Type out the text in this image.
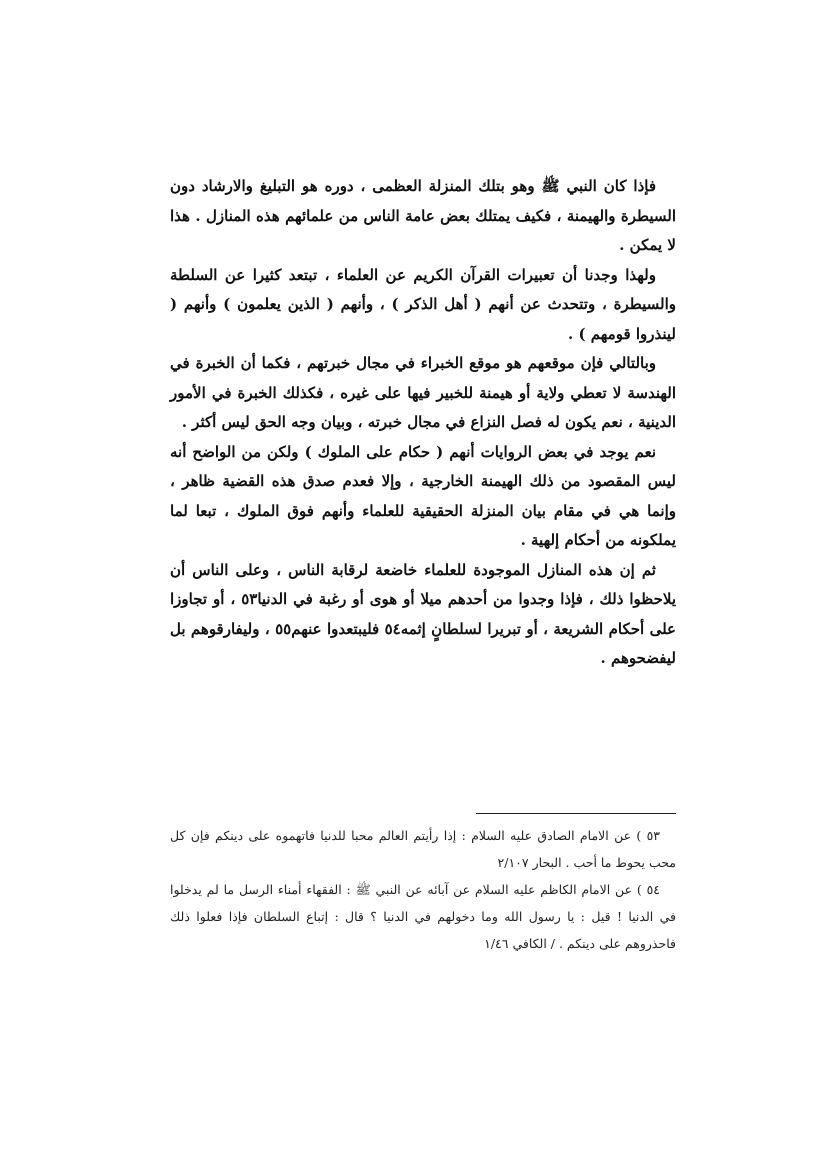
فإذا كان النبي ﷺ وهو بتلك المنزلة العظمى ، دوره هو التبليغ والارشاد دون السيطرة والهيمنة ، فكيف يمتلك بعض عامة الناس من علمائهم هذه المنازل . هذا لا يمكن .

ولهذا وجدنا أن تعبيرات القرآن الكريم عن العلماء ، تبتعد كثيرا عن السلطة والسيطرة ، وتتحدث عن أنهم ( أهل الذكر ) ، وأنهم ( الذين يعلمون ) وأنهم ( لينذروا قومهم ) .

وبالتالي فإن موقعهم هو موقع الخبراء في مجال خبرتهم ، فكما أن الخبرة في الهندسة لا تعطي ولاية أو هيمنة للخبير فيها على غيره ، فكذلك الخبرة في الأمور الدينية ، نعم يكون له فصل النزاع في مجال خبرته ، وبيان وجه الحق ليس أكثر .

نعم يوجد في بعض الروايات أنهم ( حكام على الملوك ) ولكن من الواضح أنه ليس المقصود من ذلك الهيمنة الخارجية ، وإلا فعدم صدق هذه القضية ظاهر ، وإنما هي في مقام بيان المنزلة الحقيقية للعلماء وأنهم فوق الملوك ، تبعا لما يملكونه من أحكام إلهية .

ثم إن هذه المنازل الموجودة للعلماء خاضعة لرقابة الناس ، وعلى الناس أن يلاحظوا ذلك ، فإذا وجدوا من أحدهم ميلا أو هوى أو رغبة في الدنيا٥٣ ، أو تجاوزا على أحكام الشريعة ، أو تبريرا لسلطانٍ إثمه٥٤ فليبتعدوا عنهم٥٥ ، وليفارقوهم بل ليفضحوهم .

٥٣ ) عن الامام الصادق عليه السلام : إذا رأيتم العالم محبا للدنيا فاتهموه على دينكم فإن كل محب يحوط ما أحب . البحار ٢/١٠٧

٥٤ ) عن الامام الكاظم عليه السلام عن آبائه عن النبي ﷺ : الفقهاء أمناء الرسل ما لم يدخلوا في الدنيا ! قيل : يا رسول الله وما دخولهم في الدنيا ؟ قال : إتباع السلطان فإذا فعلوا ذلك فاحذروهم على دينكم . / الكافي ١/٤٦
